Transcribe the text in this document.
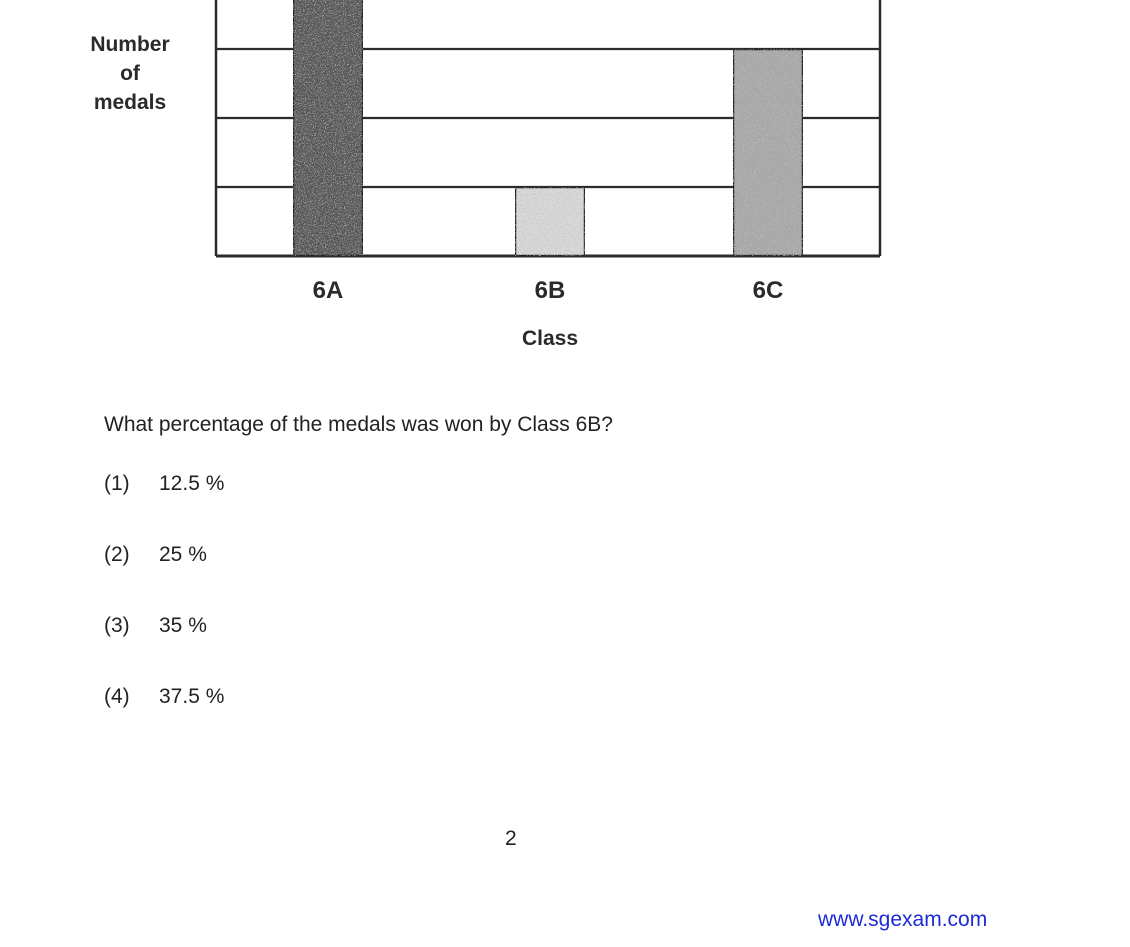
Number
of
medals
6A	6B	6C
Class
What percentage of the medals was won by Class 6B?
(1) 12.5 %
(2) 25 %
(3) 35 %
(4) 37.5 %
2
www.sgexam.com
